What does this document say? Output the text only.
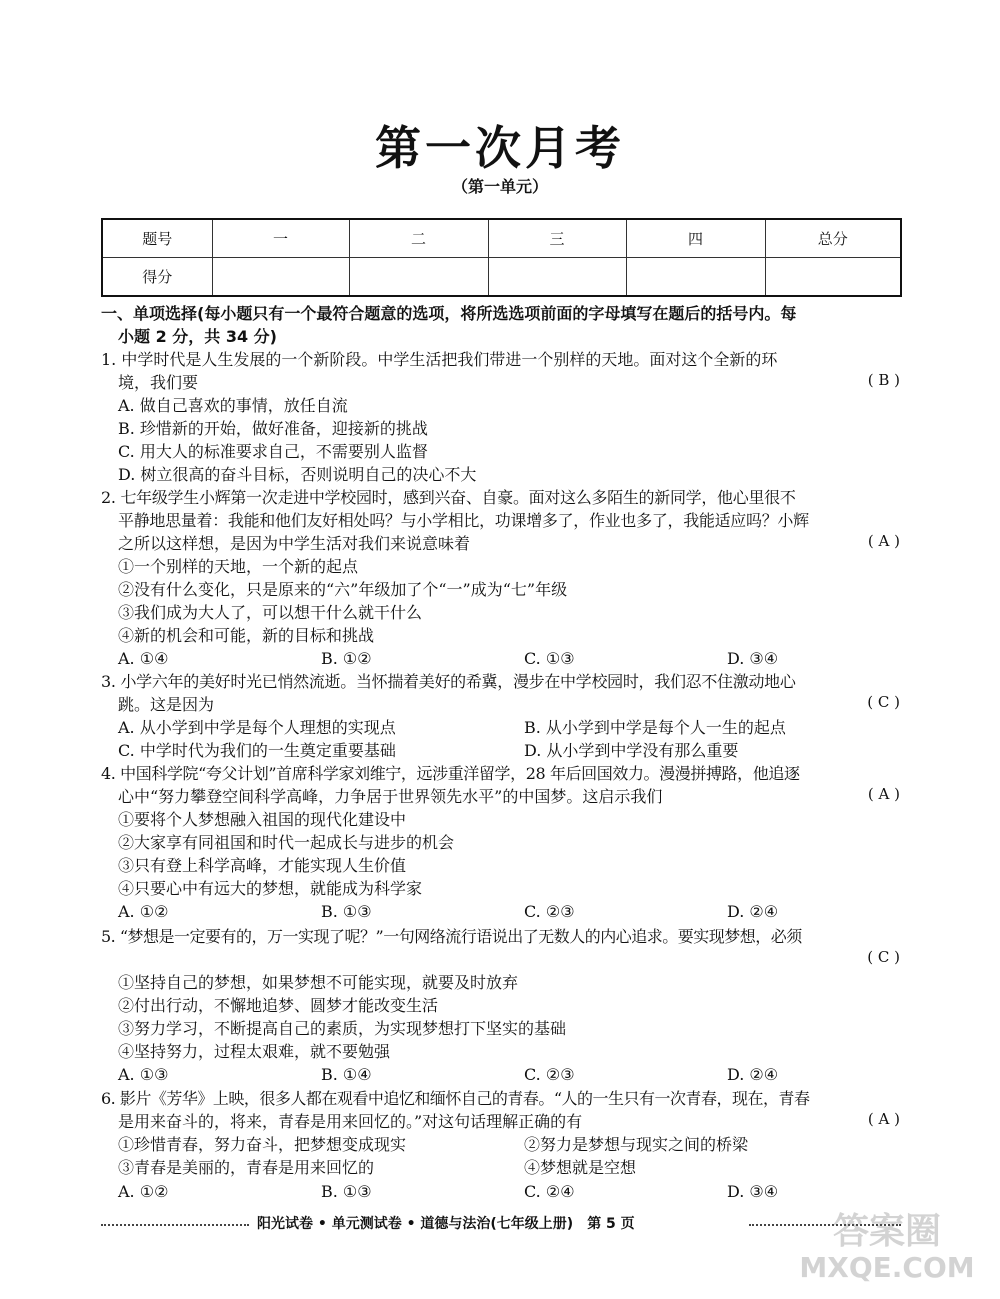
第一次月考
（第一单元）
题号	一	二	三	四	总分
得分					
一、单项选择(每小题只有一个最符合题意的选项，将所选选项前面的字母填写在题后的括号内。每
小题 2 分，共 34 分)
1. 中学时代是人生发展的一个新阶段。中学生活把我们带进一个别样的天地。面对这个全新的环
境，我们要	( B )
A. 做自己喜欢的事情，放任自流
B. 珍惜新的开始，做好准备，迎接新的挑战
C. 用大人的标准要求自己，不需要别人监督
D. 树立很高的奋斗目标，否则说明自己的决心不大
2. 七年级学生小辉第一次走进中学校园时，感到兴奋、自豪。面对这么多陌生的新同学，他心里很不
平静地思量着：我能和他们友好相处吗？与小学相比，功课增多了，作业也多了，我能适应吗？小辉
之所以这样想，是因为中学生活对我们来说意味着	( A )
①一个别样的天地，一个新的起点
②没有什么变化，只是原来的“六”年级加了个“一”成为“七”年级
③我们成为大人了，可以想干什么就干什么
④新的机会和可能，新的目标和挑战
A. ①④	B. ①②	C. ①③	D. ③④
3. 小学六年的美好时光已悄然流逝。当怀揣着美好的希冀，漫步在中学校园时，我们忍不住激动地心
跳。这是因为	( C )
A. 从小学到中学是每个人理想的实现点	B. 从小学到中学是每个人一生的起点
C. 中学时代为我们的一生奠定重要基础	D. 从小学到中学没有那么重要
4. 中国科学院“夸父计划”首席科学家刘维宁，远涉重洋留学，28 年后回国效力。漫漫拼搏路，他追逐
心中“努力攀登空间科学高峰，力争居于世界领先水平”的中国梦。这启示我们	( A )
①要将个人梦想融入祖国的现代化建设中
②大家享有同祖国和时代一起成长与进步的机会
③只有登上科学高峰，才能实现人生价值
④只要心中有远大的梦想，就能成为科学家
A. ①②	B. ①③	C. ②③	D. ②④
5. “梦想是一定要有的，万一实现了呢？”一句网络流行语说出了无数人的内心追求。要实现梦想，必须
( C )
①坚持自己的梦想，如果梦想不可能实现，就要及时放弃
②付出行动，不懈地追梦、圆梦才能改变生活
③努力学习，不断提高自己的素质，为实现梦想打下坚实的基础
④坚持努力，过程太艰难，就不要勉强
A. ①③	B. ①④	C. ②③	D. ②④
6. 影片《芳华》上映，很多人都在观看中追忆和缅怀自己的青春。“人的一生只有一次青春，现在，青春
是用来奋斗的，将来，青春是用来回忆的。”对这句话理解正确的有	( A )
①珍惜青春，努力奋斗，把梦想变成现实	②努力是梦想与现实之间的桥梁
③青春是美丽的，青春是用来回忆的	④梦想就是空想
A. ①②	B. ①③	C. ②④	D. ③④
阳光试卷 • 单元测试卷 • 道德与法治(七年级上册)　第 5 页	答案圈
MXQE.COM
